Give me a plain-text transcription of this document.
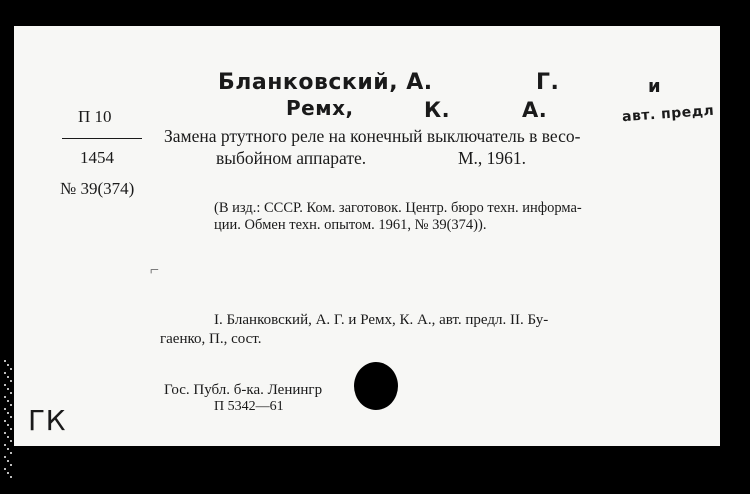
Бланковский, А.	Г.	и
Ремх,	К.	А.	авт. предл
П 10
1454
№ 39(374)
Замена ртутного реле на конечный выключатель в весо-
выбойном аппарате.	М., 1961.
(В изд.: СССР. Ком. заготовок. Центр. бюро техн. информа-
ции. Обмен техн. опытом. 1961, № 39(374)).
I. Бланковский, А. Г. и Ремх, К. А., авт. предл. II. Бу-
гаенко, П., сост.
Гос. Публ. б-ка. Ленингр
П 5342—61
ГК
⌐
